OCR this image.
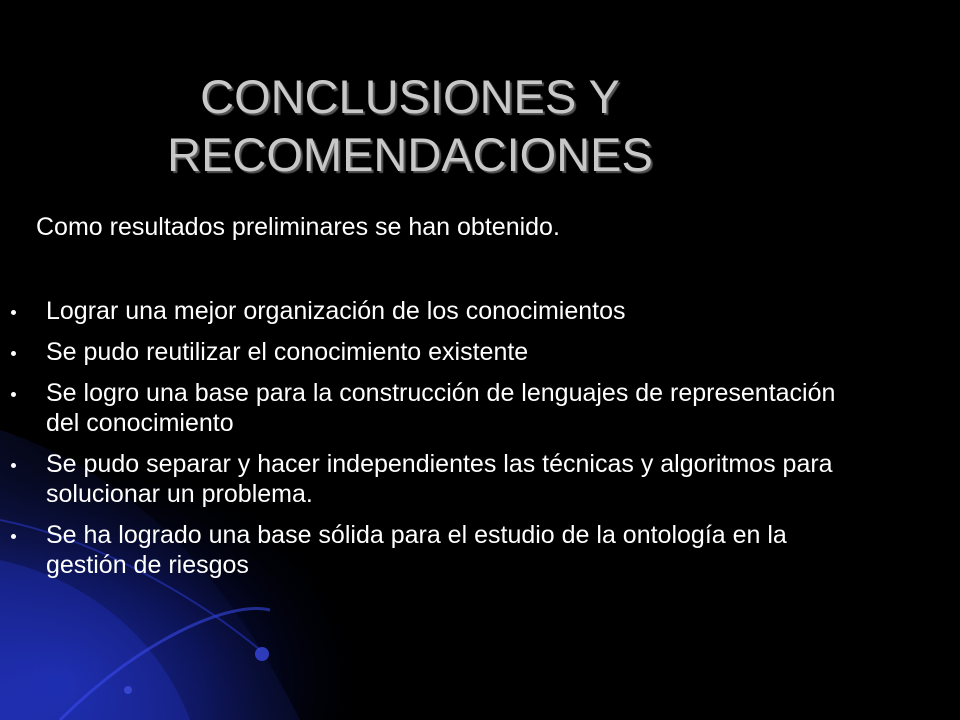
CONCLUSIONES Y
RECOMENDACIONES
Como resultados preliminares se han obtenido.
Lograr una mejor organización de los conocimientos
Se pudo reutilizar el conocimiento existente
Se logro una base para la construcción de lenguajes de representación del conocimiento
Se pudo separar y hacer independientes las técnicas y algoritmos para solucionar un problema.
Se ha logrado una base sólida para el estudio de la ontología en la gestión de riesgos
